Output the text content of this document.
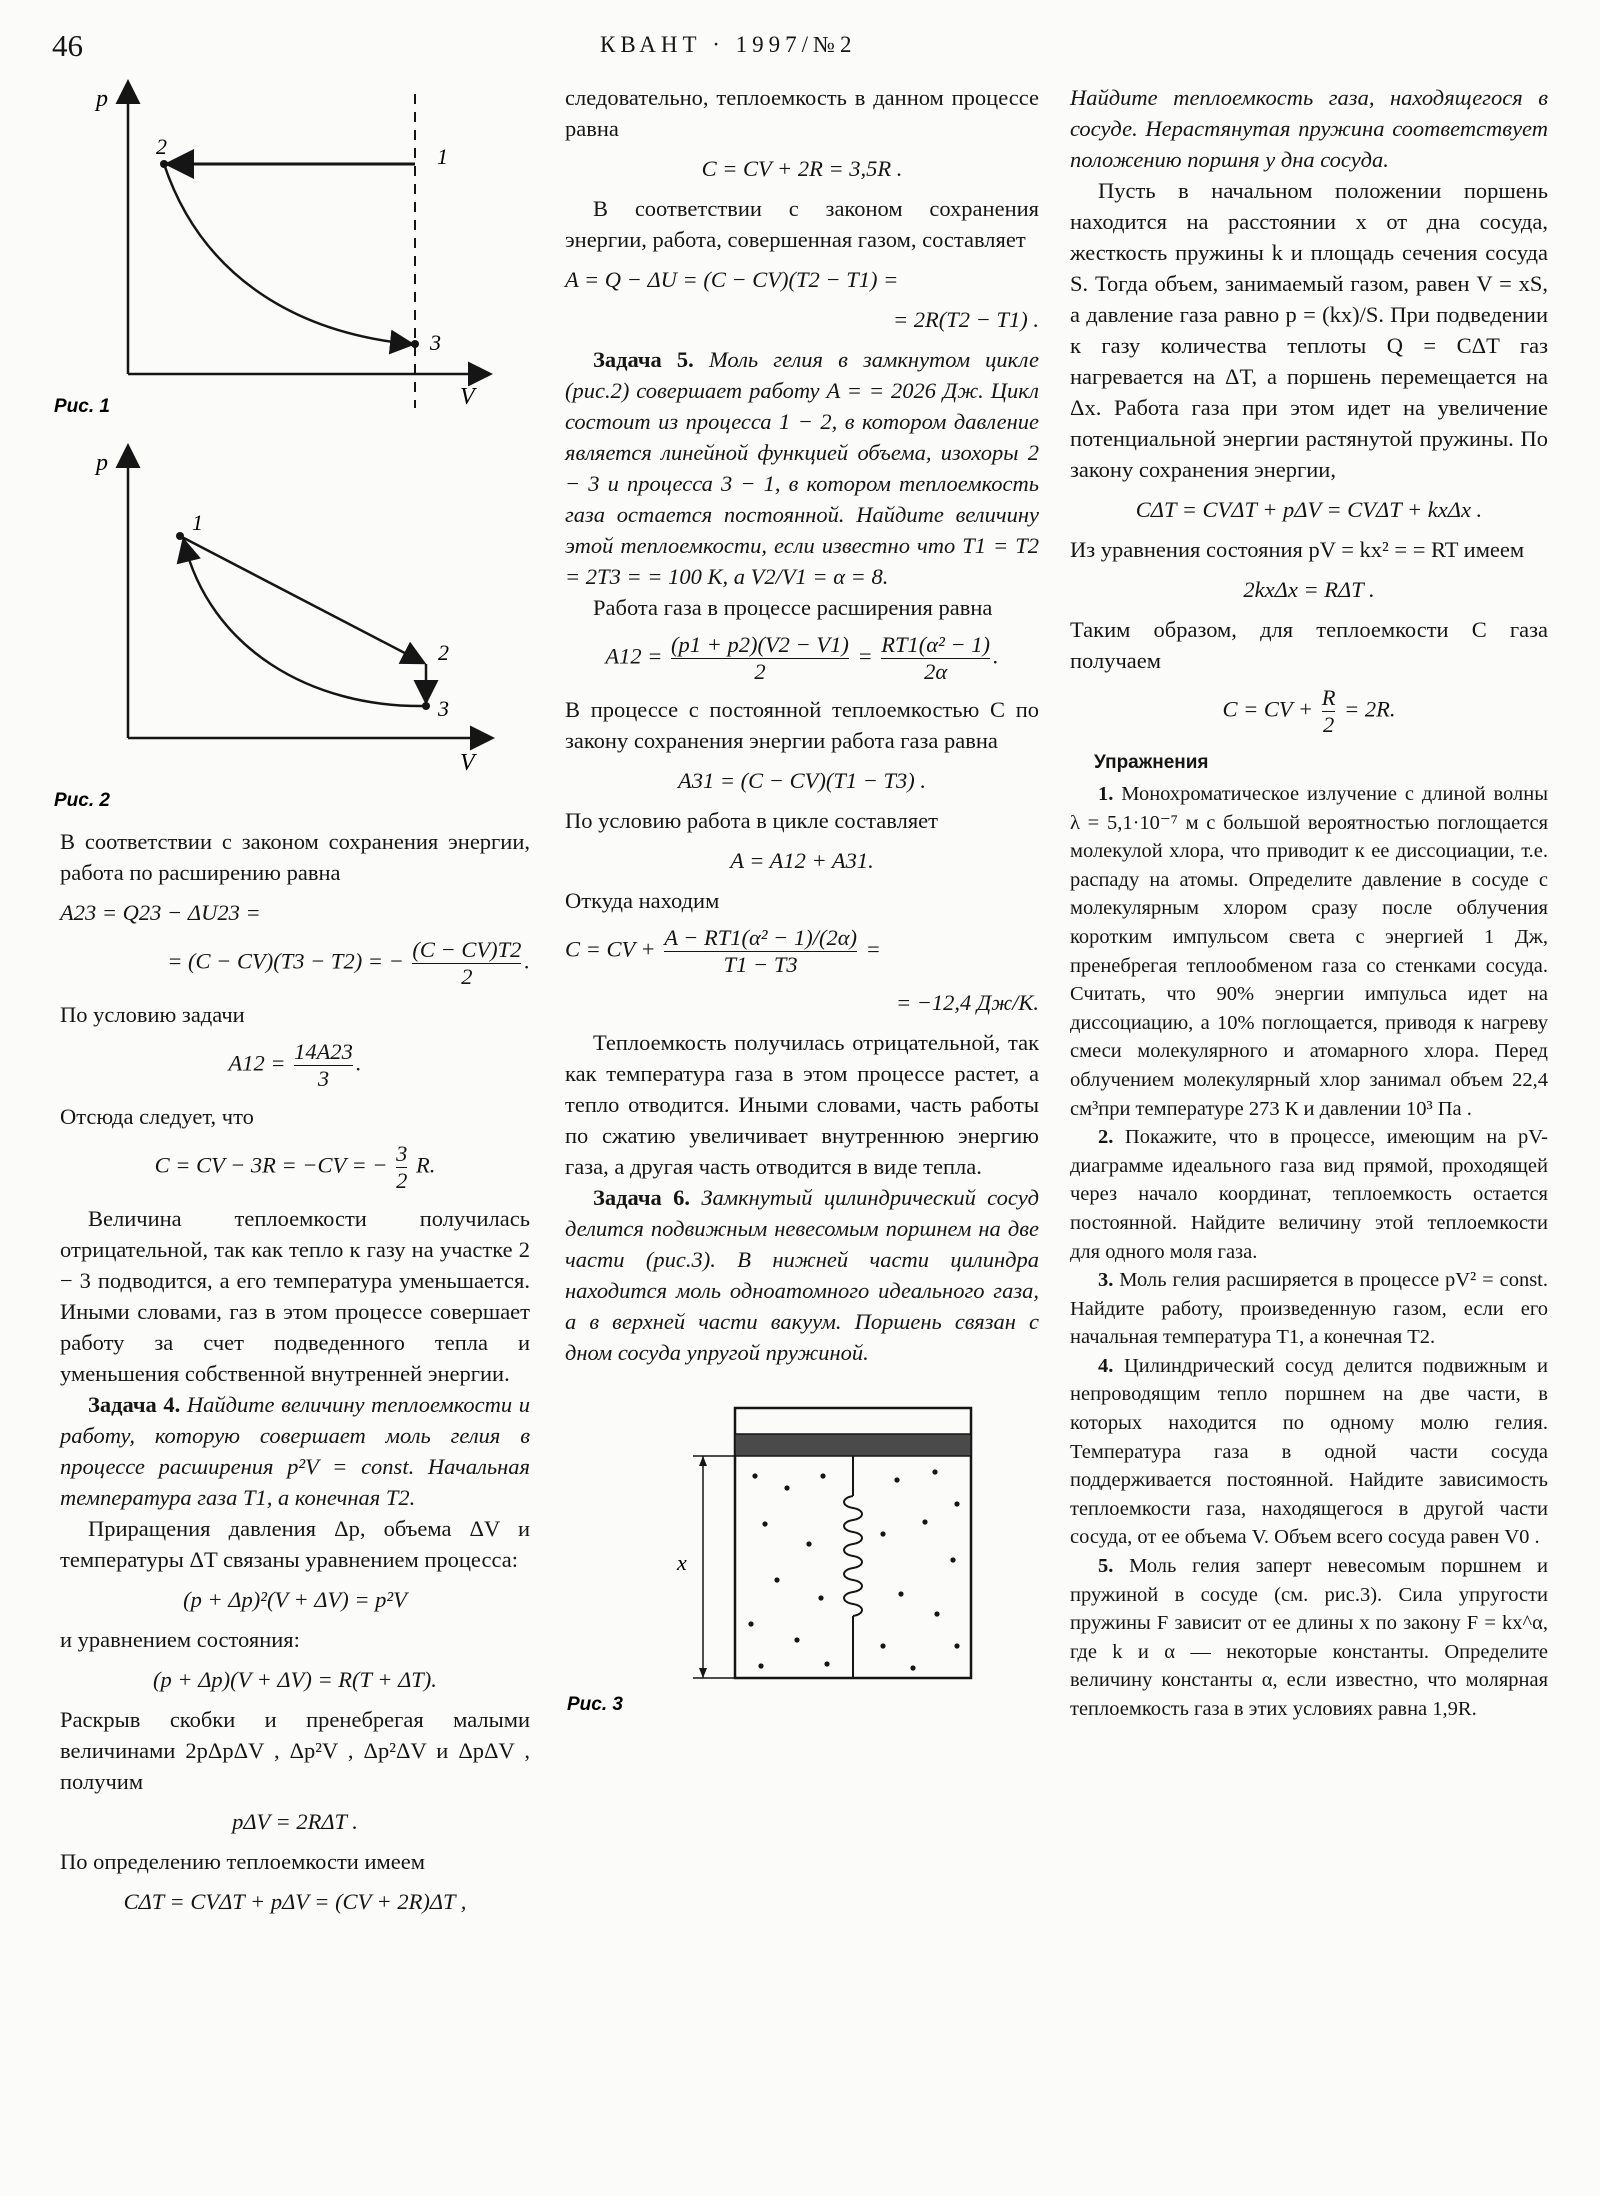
46	КВАНТ · 1997/№2
p
V
1
2
3
Рис. 1
p
V
1
2
3
Рис. 2

В соответствии с законом сохранения энергии, работа по расширению равна

A23 = Q23 − ΔU23 =
= (C − CV)(T3 − T2) = − $\frac{(C - CV)T2}{2}$ .

По условию задачи

$A12 = \frac{14A23}{3}$ .

Отсюда следует, что

C = CV − 3R = −CV = − $\frac{3}{2} R$.

Величина теплоемкости получилась отрицательной, так как тепло к газу на участке 2 − 3 подводится, а его температура уменьшается. Иными словами, газ в этом процессе совершает работу за счет подведенного тепла и уменьшения собственной внутренней энергии.

Задача 4. Найдите величину теплоемкости и работу, которую совершает моль гелия в процессе расширения p²V = const. Начальная температура газа T1, а конечная T2.

Приращения давления Δp, объема ΔV и температуры ΔT связаны уравнением процесса:

(p + Δp)²(V + ΔV) = p²V

и уравнением состояния:

(p + Δp)(V + ΔV) = R(T + ΔT).

Раскрыв скобки и пренебрегая малыми величинами 2pΔpΔV , Δp²V , Δp²ΔV и ΔpΔV , получим

pΔV = 2RΔT .

По определению теплоемкости имеем

CΔT = CVΔT + pΔV = (CV + 2R)ΔT ,

следовательно, теплоемкость в данном процессе равна

C = CV + 2R = 3,5R .

В соответствии с законом сохранения энергии, работа, совершенная газом, составляет

A = Q − ΔU = (C − CV)(T2 − T1) =
= 2R(T2 − T1) .

Задача 5. Моль гелия в замкнутом цикле (рис.2) совершает работу A = = 2026 Дж. Цикл состоит из процесса 1 − 2, в котором давление является линейной функцией объема, изохоры 2 − 3 и процесса 3 − 1, в котором теплоемкость газа остается постоянной. Найдите величину этой теплоемкости, если известно что T1 = T2 = 2T3 = = 100 K, а V2/V1 = α = 8.

Работа газа в процессе расширения равна

$A12 = \frac{(p1 + p2)(V2 - V1)}{2} = \frac{\text{RT1(α² − 1)}}{2\alpha}$ .

В процессе с постоянной теплоемкостью C по закону сохранения энергии работа газа равна

A31 = (C − CV)(T1 − T3) .

По условию работа в цикле составляет

A = A12 + A31.

Откуда находим

C = CV + $\frac{\text{A − RT1(α² − 1)/(2α)}}{T1 - T3}$ =
= −12,4 Дж/К.

Теплоемкость получилась отрицательной, так как температура газа в этом процессе растет, а тепло отводится. Иными словами, часть работы по сжатию увеличивает внутреннюю энергию газа, а другая часть отводится в виде тепла.

Задача 6. Замкнутый цилиндрический сосуд делится подвижным невесомым поршнем на две части (рис.3). В нижней части цилиндра находится моль одноатомного идеального газа, а в верхней части вакуум. Поршень связан с дном сосуда упругой пружиной.

x
Рис. 3

Найдите теплоемкость газа, находящегося в сосуде. Нерастянутая пружина соответствует положению поршня у дна сосуда.

Пусть в начальном положении поршень находится на расстоянии x от дна сосуда, жесткость пружины k и площадь сечения сосуда S. Тогда объем, занимаемый газом, равен V = xS, а давление газа равно p = (kx)/S. При подведении к газу количества теплоты Q = CΔT газ нагревается на ΔT, а поршень перемещается на Δx. Работа газа при этом идет на увеличение потенциальной энергии растянутой пружины. По закону сохранения энергии,

CΔT = CVΔT + pΔV = CVΔT + kxΔx .

Из уравнения состояния pV = kx² = = RT имеем

2kxΔx = RΔT .

Таким образом, для теплоемкости C газа получаем

C = CV + $\frac{R}{2} = 2R$.
Упражнения

1. Монохроматическое излучение с длиной волны λ = 5,1·10⁻⁷ м с большой вероятностью поглощается молекулой хлора, что приводит к ее диссоциации, т.е. распаду на атомы. Определите давление в сосуде с молекулярным хлором сразу после облучения коротким импульсом света с энергией 1 Дж, пренебрегая теплообменом газа со стенками сосуда. Считать, что 90% энергии импульса идет на диссоциацию, а 10% поглощается, приводя к нагреву смеси молекулярного и атомарного хлора. Перед облучением молекулярный хлор занимал объем 22,4 см³при температуре 273 К и давлении 10³ Па .

2. Покажите, что в процессе, имеющим на pV-диаграмме идеального газа вид прямой, проходящей через начало координат, теплоемкость остается постоянной. Найдите величину этой теплоемкости для одного моля газа.

3. Моль гелия расширяется в процессе pV² = const. Найдите работу, произведенную газом, если его начальная температура T1, а конечная T2.

4. Цилиндрический сосуд делится подвижным и непроводящим тепло поршнем на две части, в которых находится по одному молю гелия. Температура газа в одной части сосуда поддерживается постоянной. Найдите зависимость теплоемкости газа, находящегося в другой части сосуда, от ее объема V. Объем всего сосуда равен V0 .

5. Моль гелия заперт невесомым поршнем и пружиной в сосуде (см. рис.3). Сила упругости пружины F зависит от ее длины x по закону F = kx^α, где k и α — некоторые константы. Определите величину константы α, если известно, что молярная теплоемкость газа в этих условиях равна 1,9R.
